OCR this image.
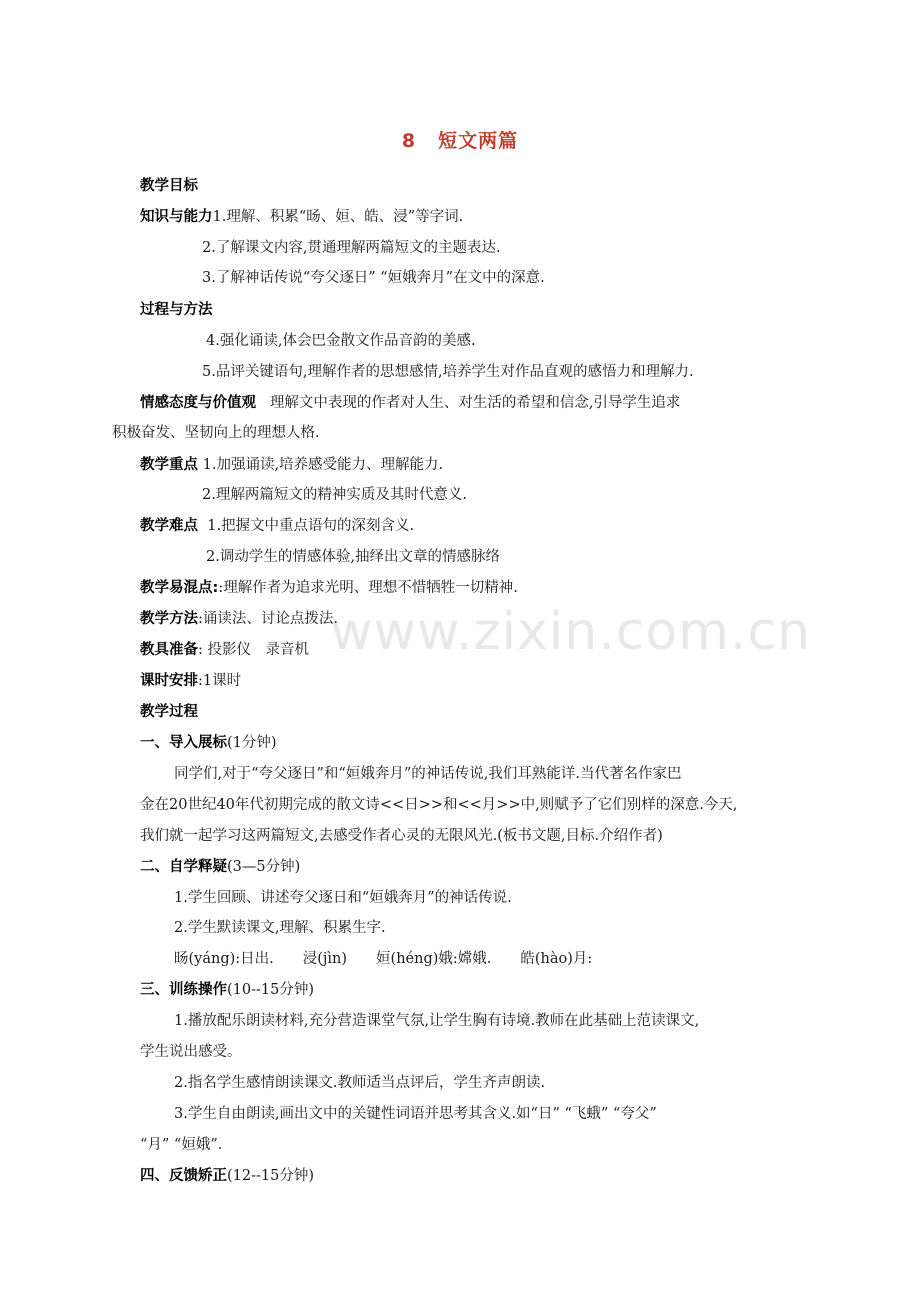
8 短文两篇
教学目标
知识与能力1.理解、积累“旸、姮、皓、浸”等字词.
2.了解课文内容,贯通理解两篇短文的主题表达.
3.了解神话传说“夸父逐日” “姮娥奔月”在文中的深意.
过程与方法
4.强化诵读,体会巴金散文作品音韵的美感.
5.品评关键语句,理解作者的思想感情,培养学生对作品直观的感悟力和理解力.
情感态度与价值观 理解文中表现的作者对人生、对生活的希望和信念,引导学生追求
积极奋发、坚韧向上的理想人格.
教学重点 1.加强诵读,培养感受能力、理解能力.
2.理解两篇短文的精神实质及其时代意义.
教学难点 1.把握文中重点语句的深刻含义.
2.调动学生的情感体验,抽绎出文章的情感脉络
教学易混点::理解作者为追求光明、理想不惜牺牲一切精神.
教学方法:诵读法、讨论点拨法.
教具准备: 投影仪　录音机
课时安排:1课时
教学过程
一、导入展标(1分钟)
同学们,对于“夸父逐日”和“姮娥奔月”的神话传说,我们耳熟能详.当代著名作家巴
金在20世纪40年代初期完成的散文诗<<日>>和<<月>>中,则赋予了它们别样的深意.今天,
我们就一起学习这两篇短文,去感受作者心灵的无限风光.(板书文题,目标.介绍作者)
二、自学释疑(3—5分钟)
1.学生回顾、讲述夸父逐日和“姮娥奔月”的神话传说.
2.学生默读课文,理解、积累生字.
旸(yáng):日出.　　浸(jìn)　　姮(héng)娥:嫦娥.　　皓(hào)月:
三、训练操作(10--15分钟)
1.播放配乐朗读材料,充分营造课堂气氛,让学生胸有诗境.教师在此基础上范读课文,
学生说出感受。
2.指名学生感情朗读课文.教师适当点评后，学生齐声朗读.
3.学生自由朗读,画出文中的关键性词语并思考其含义.如“日” “飞蛾” “夸父”
“月” “姮娥”.
四、反馈矫正(12--15分钟)
www.zixin.com.cn
